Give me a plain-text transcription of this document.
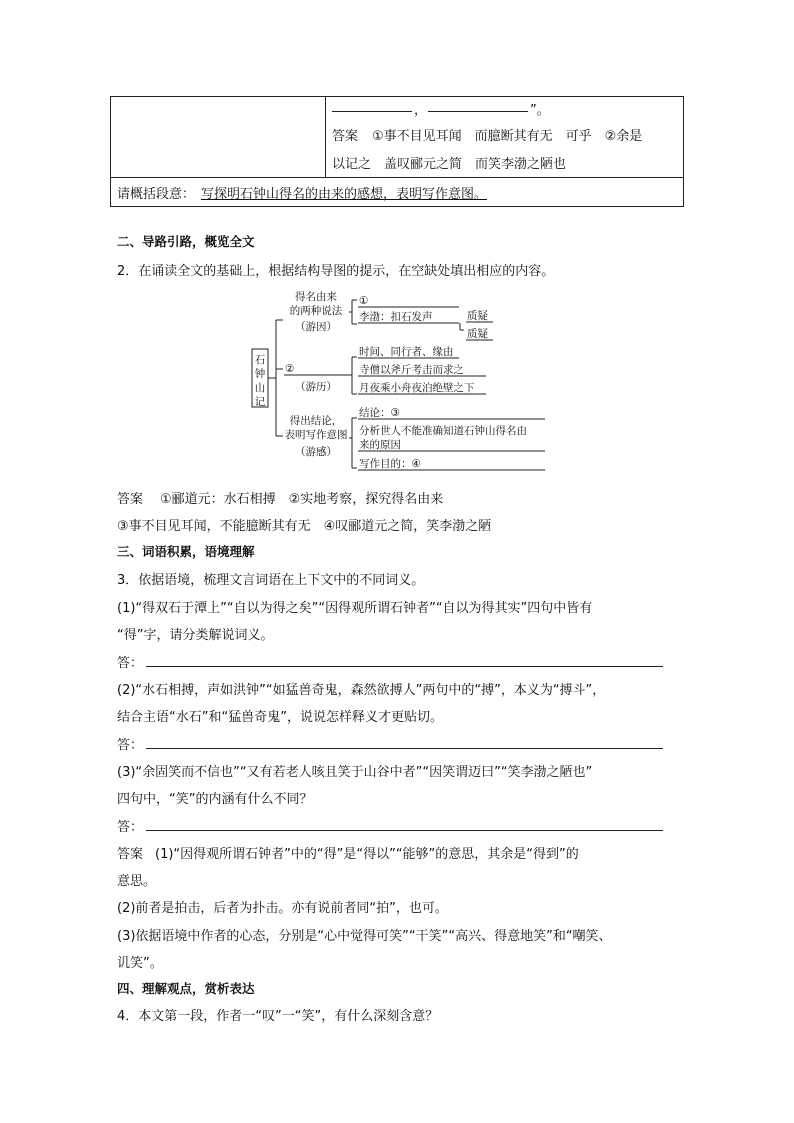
，	”。
答案 ①事不目见耳闻　而臆断其有无　可乎　②余是
以记之　盖叹郦元之简　而笑李渤之陋也

请概括段意： 写探明石钟山得名的由来的感想，表明写作意图。
二、导路引路，概览全文
2．在诵读全文的基础上，根据结构导图的提示，在空缺处填出相应的内容。
石
钟
山
记
得名由来
的两种说法
（游因）
①
李渤：扣石发声	质疑
质疑
②
（游历）
时间、同行者、缘由
寺僧以斧斤考击而求之
月夜乘小舟夜泊绝壁之下
得出结论，
表明写作意图
（游感）
结论：③
分析世人不能准确知道石钟山得名由
来的原因
写作目的：④
答案 ①郦道元：水石相搏　②实地考察，探究得名由来
③事不目见耳闻，不能臆断其有无　④叹郦道元之简，笑李渤之陋
三、词语积累，语境理解
3．依据语境，梳理文言词语在上下文中的不同词义。
(1)“得双石于潭上”“自以为得之矣”“因得观所谓石钟者”“自以为得其实”四句中皆有
“得”字，请分类解说词义。
答：
(2)“水石相搏，声如洪钟”“如猛兽奇鬼，森然欲搏人”两句中的“搏”，本义为“搏斗”，
结合主语“水石”和“猛兽奇鬼”，说说怎样释义才更贴切。
答：
(3)“余固笑而不信也”“又有若老人咳且笑于山谷中者”“因笑谓迈曰”“笑李渤之陋也”
四句中，“笑”的内涵有什么不同？
答：
答案 (1)“因得观所谓石钟者”中的“得”是“得以”“能够”的意思，其余是“得到”的
意思。
(2)前者是拍击，后者为扑击。亦有说前者同“拍”，也可。
(3)依据语境中作者的心态，分别是“心中觉得可笑”“干笑”“高兴、得意地笑”和“嘲笑、
讥笑”。
四、理解观点，赏析表达
4．本文第一段，作者一“叹”一“笑”，有什么深刻含意？
